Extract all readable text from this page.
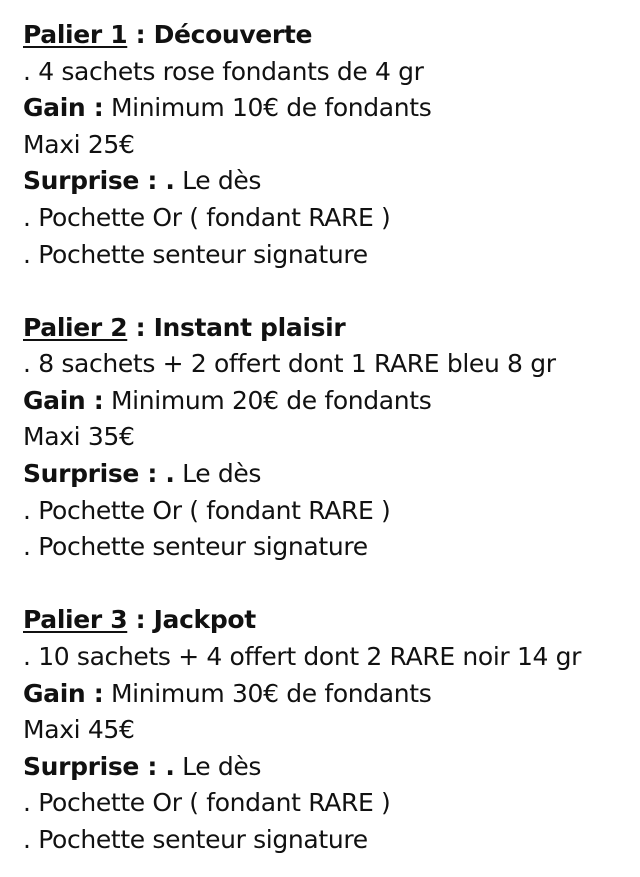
Palier 1 : Découverte
. 4 sachets rose fondants de 4 gr
Gain : Minimum 10€ de fondants
Maxi 25€
Surprise : . Le dès
. Pochette Or ( fondant RARE )
. Pochette senteur signature
Palier 2 : Instant plaisir
. 8 sachets + 2 offert dont 1 RARE bleu 8 gr
Gain : Minimum 20€ de fondants
Maxi 35€
Surprise : . Le dès
. Pochette Or ( fondant RARE )
. Pochette senteur signature
Palier 3 : Jackpot
. 10 sachets + 4 offert dont 2 RARE noir 14 gr
Gain : Minimum 30€ de fondants
Maxi 45€
Surprise : . Le dès
. Pochette Or ( fondant RARE )
. Pochette senteur signature
